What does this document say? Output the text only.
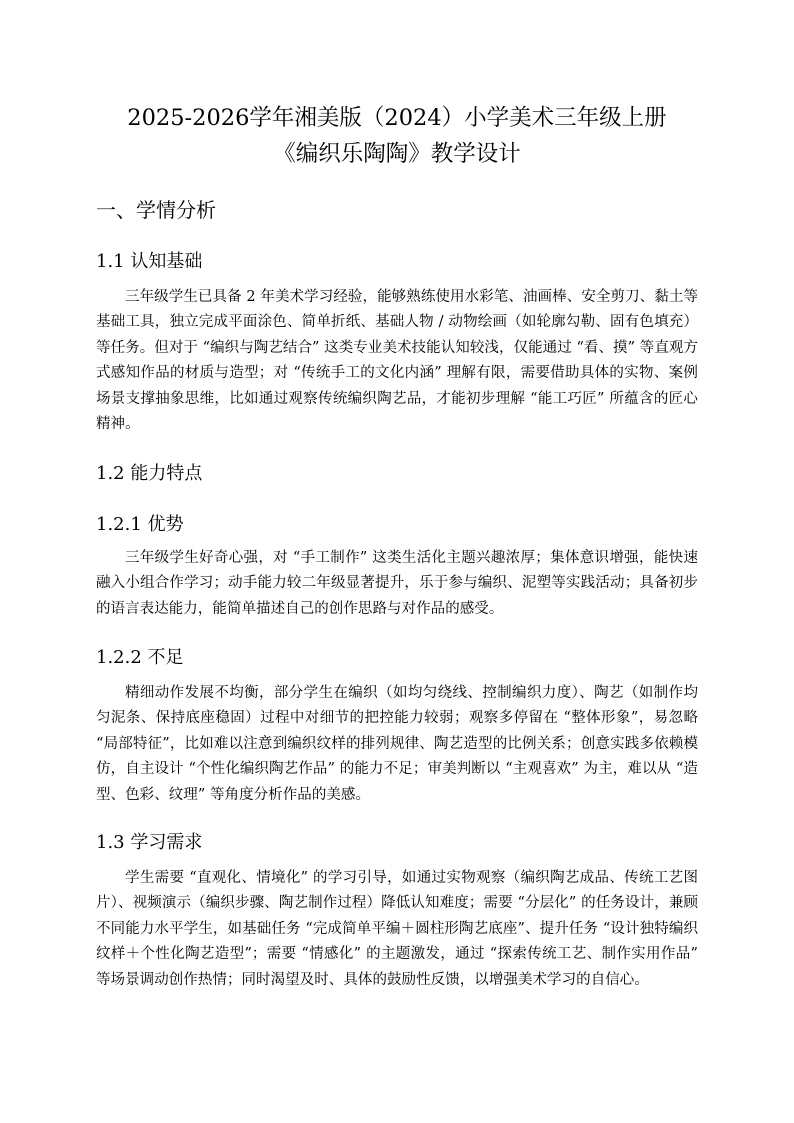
2025-2026学年湘美版（2024）小学美术三年级上册
《编织乐陶陶》教学设计
一、学情分析
1.1 认知基础

三年级学生已具备 2 年美术学习经验，能够熟练使用水彩笔、油画棒、安全剪刀、黏土等基础工具，独立完成平面涂色、简单折纸、基础人物 / 动物绘画（如轮廓勾勒、固有色填充）等任务。但对于 “编织与陶艺结合” 这类专业美术技能认知较浅，仅能通过 “看、摸” 等直观方式感知作品的材质与造型；对 “传统手工的文化内涵” 理解有限，需要借助具体的实物、案例场景支撑抽象思维，比如通过观察传统编织陶艺品，才能初步理解 “能工巧匠” 所蕴含的匠心精神。

1.2 能力特点
1.2.1 优势

三年级学生好奇心强，对 “手工制作” 这类生活化主题兴趣浓厚；集体意识增强，能快速融入小组合作学习；动手能力较二年级显著提升，乐于参与编织、泥塑等实践活动；具备初步的语言表达能力，能简单描述自己的创作思路与对作品的感受。

1.2.2 不足

精细动作发展不均衡，部分学生在编织（如均匀绕线、控制编织力度）、陶艺（如制作均匀泥条、保持底座稳固）过程中对细节的把控能力较弱；观察多停留在 “整体形象”，易忽略 “局部特征”，比如难以注意到编织纹样的排列规律、陶艺造型的比例关系；创意实践多依赖模仿，自主设计 “个性化编织陶艺作品” 的能力不足；审美判断以 “主观喜欢” 为主，难以从 “造型、色彩、纹理” 等角度分析作品的美感。

1.3 学习需求

学生需要 “直观化、情境化” 的学习引导，如通过实物观察（编织陶艺成品、传统工艺图片）、视频演示（编织步骤、陶艺制作过程）降低认知难度；需要 “分层化” 的任务设计，兼顾不同能力水平学生，如基础任务 “完成简单平编＋圆柱形陶艺底座”、提升任务 “设计独特编织纹样＋个性化陶艺造型”；需要 “情感化” 的主题激发，通过 “探索传统工艺、制作实用作品” 等场景调动创作热情；同时渴望及时、具体的鼓励性反馈，以增强美术学习的自信心。
